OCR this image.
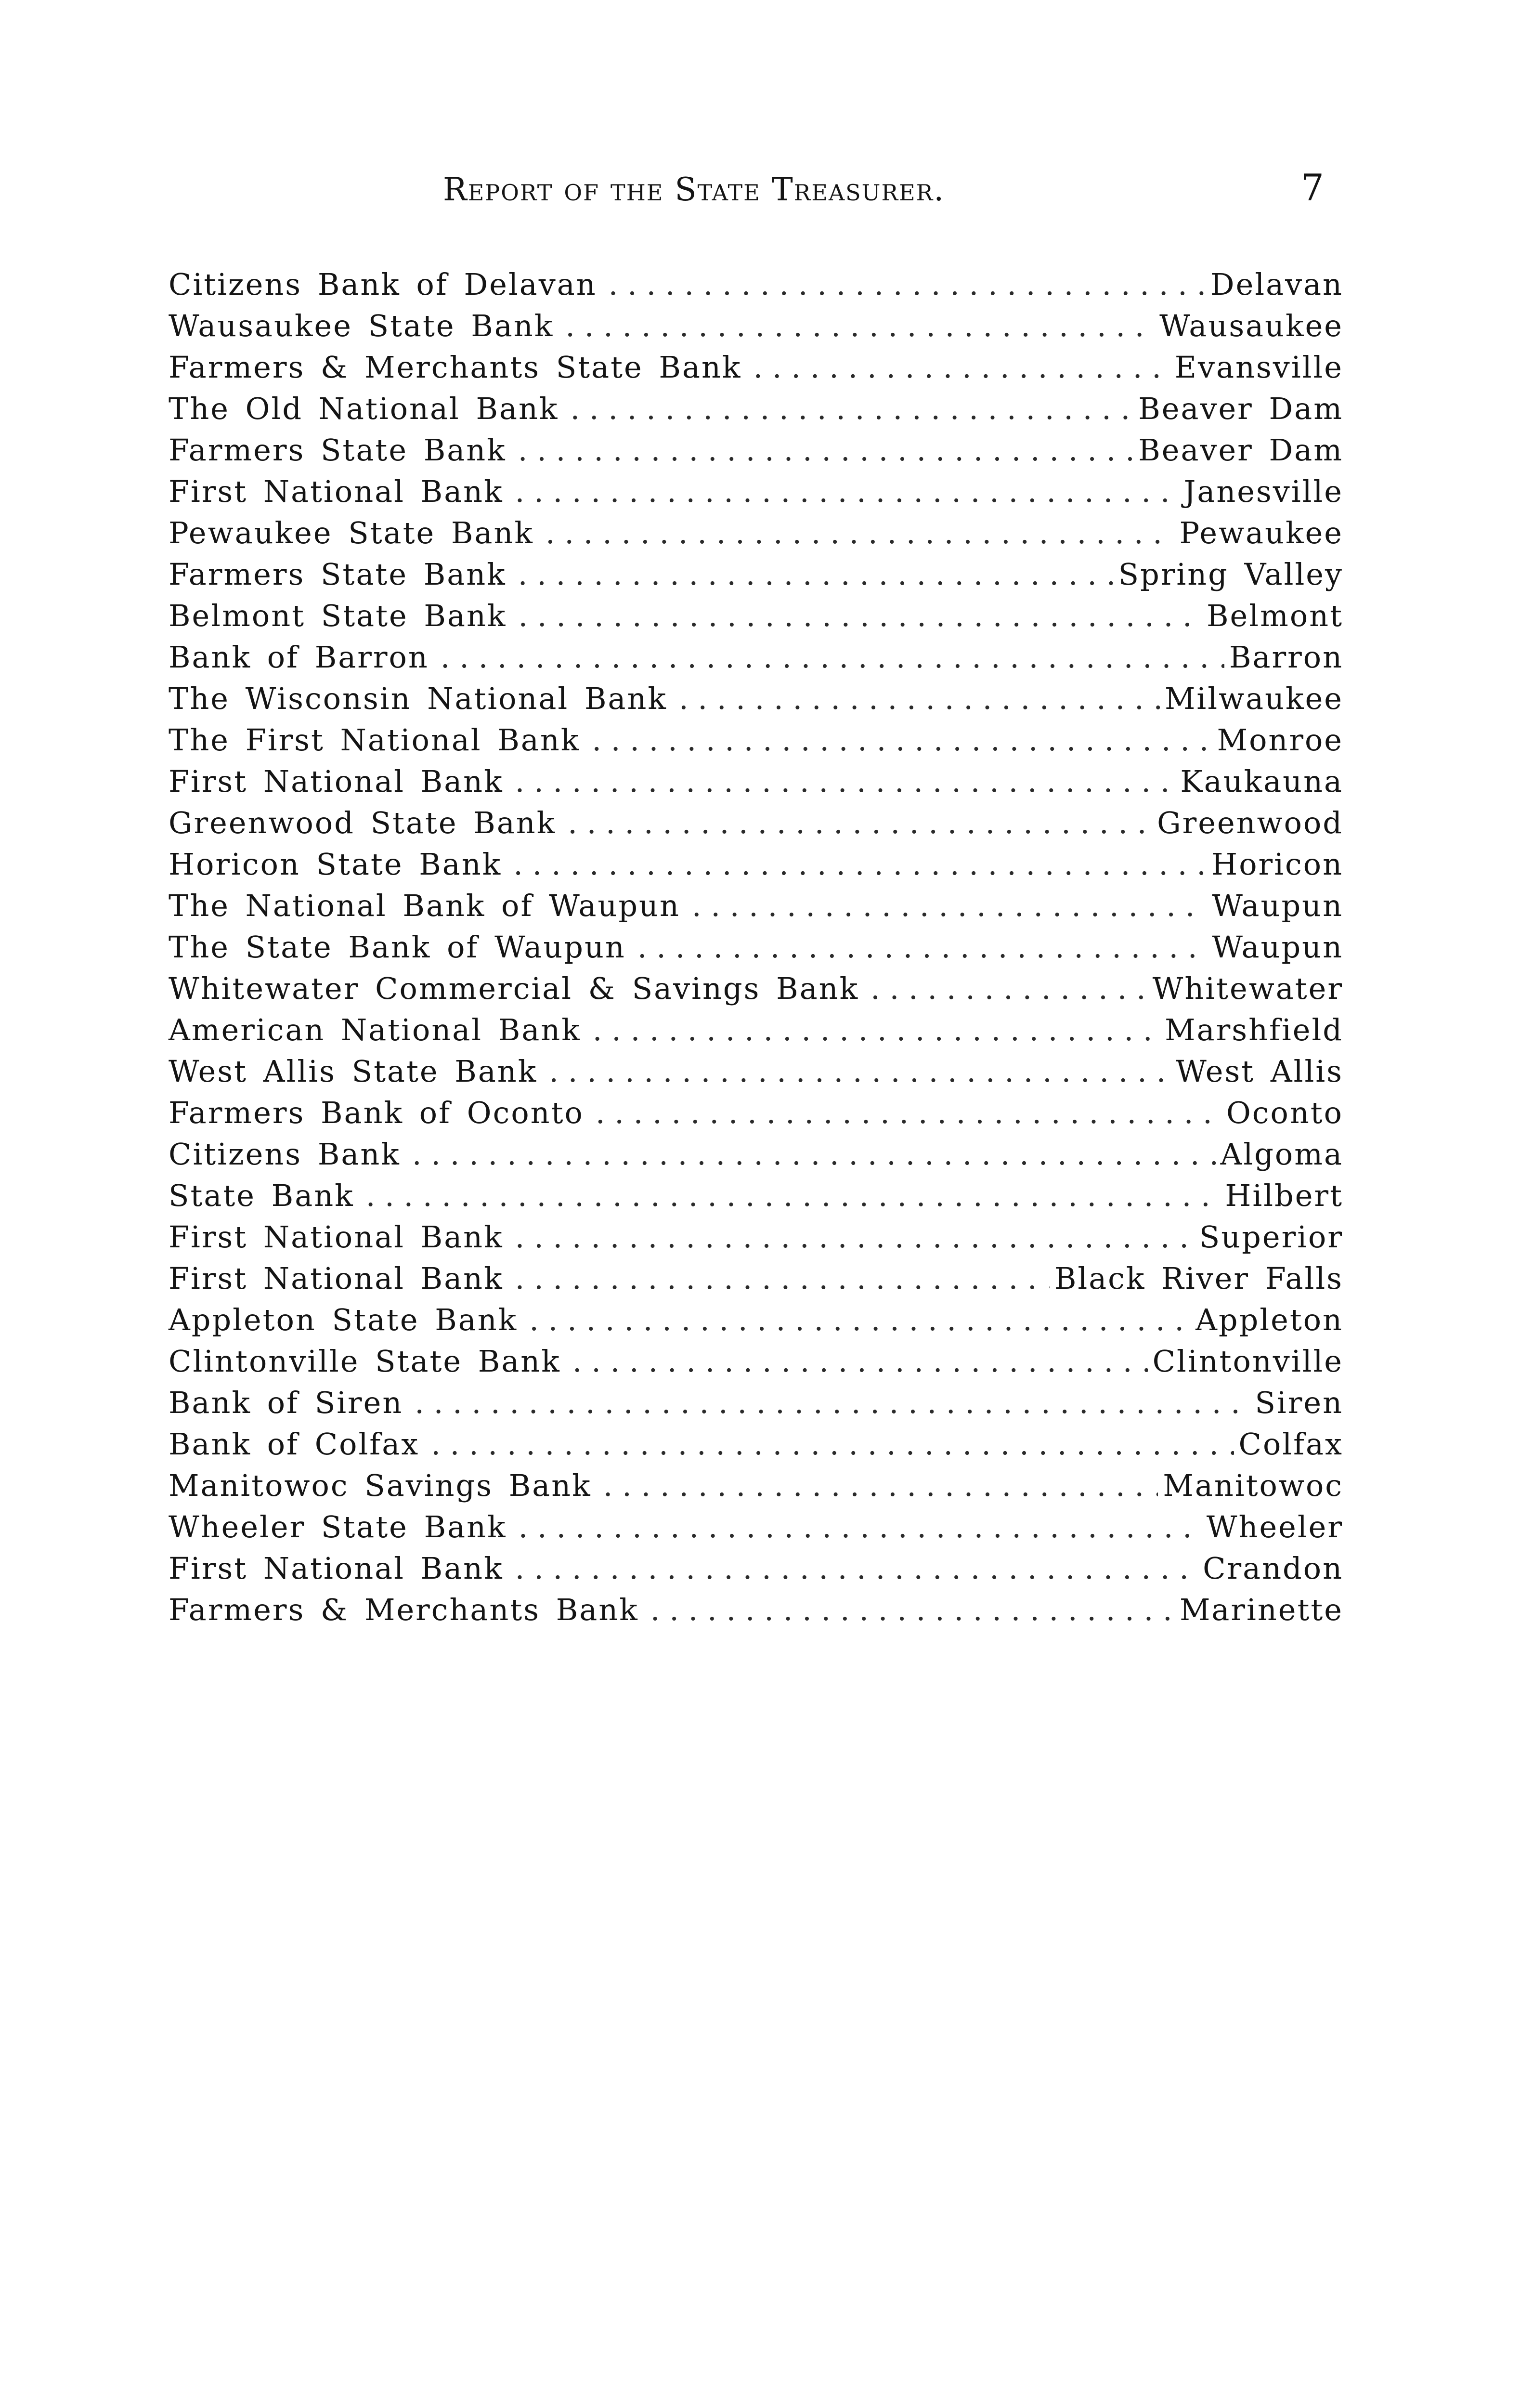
Report of the State Treasurer.	7
Citizens Bank of Delavan . . .	Delavan
Wausaukee State Bank . . .	Wausaukee
Farmers & Merchants State Bank . . .	Evansville
The Old National Bank . . .	Beaver Dam
Farmers State Bank . . .	Beaver Dam
First National Bank . . .	Janesville
Pewaukee State Bank . . .	Pewaukee
Farmers State Bank . . .	Spring Valley
Belmont State Bank . . .	Belmont
Bank of Barron . . .	Barron
The Wisconsin National Bank . . .	Milwaukee
The First National Bank . . .	Monroe
First National Bank . . .	Kaukauna
Greenwood State Bank . . .	Greenwood
Horicon State Bank . . .	Horicon
The National Bank of Waupun . . .	Waupun
The State Bank of Waupun . . .	Waupun
Whitewater Commercial & Savings Bank . . .	Whitewater
American National Bank . . .	Marshfield
West Allis State Bank . . .	West Allis
Farmers Bank of Oconto . . .	Oconto
Citizens Bank . . .	Algoma
State Bank . . .	Hilbert
First National Bank . . .	Superior
First National Bank . . .	Black River Falls
Appleton State Bank . . .	Appleton
Clintonville State Bank . . .	Clintonville
Bank of Siren . . .	Siren
Bank of Colfax . . .	Colfax
Manitowoc Savings Bank . . .	Manitowoc
Wheeler State Bank . . .	Wheeler
First National Bank . . .	Crandon
Farmers & Merchants Bank . . .	Marinette
